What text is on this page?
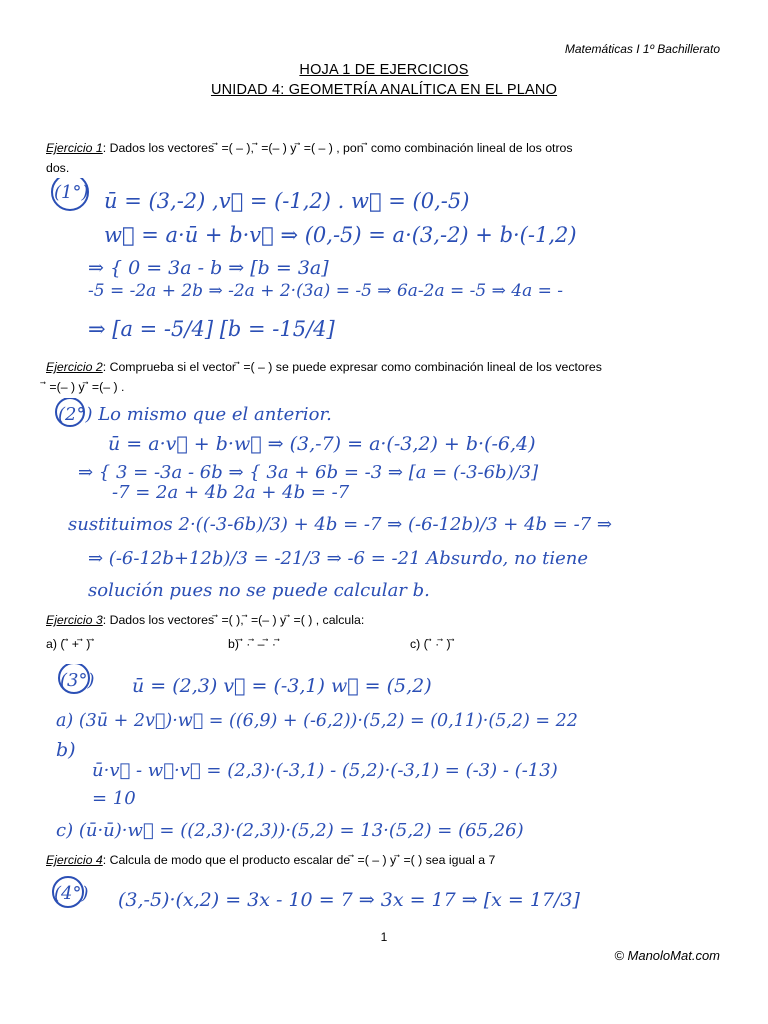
Matemáticas I 1º Bachillerato
HOJA 1 DE EJERCICIOS
UNIDAD 4: GEOMETRÍA ANALÍTICA EN EL PLANO
Ejercicio 1: Dados los vectores ⃗ =( – ), ⃗ =(– ) y ⃗ =( – ) , pon ⃗ como combinación lineal de los otros
dos.
(1°) ū = (3,-2) ,v⃗ = (-1,2) . w⃗ = (0,-5)
w⃗ = a·ū + b·v⃗ ⇒ (0,-5) = a·(3,-2) + b·(-1,2)
⇒ { 0 = 3a - b ⇒ [b = 3a]
-5 = -2a + 2b ⇒ -2a + 2·(3a) = -5 ⇒ 6a-2a = -5 ⇒ 4a = -
⇒ [a = -5/4] [b = -15/4]
Ejercicio 2: Comprueba si el vector ⃗ =( – ) se puede expresar como combinación lineal de los vectores
⃗ =(– ) y ⃗ =(– ) .
(2°) Lo mismo que el anterior.
ū = a·v⃗ + b·w⃗ ⇒ (3,-7) = a·(-3,2) + b·(-6,4)
⇒ { 3 = -3a - 6b ⇒ { 3a + 6b = -3 ⇒ [a = (-3-6b)/3]
-7 = 2a + 4b 2a + 4b = -7
sustituimos 2·((-3-6b)/3) + 4b = -7 ⇒ (-6-12b)/3 + 4b = -7 ⇒
⇒ (-6-12b+12b)/3 = -21/3 ⇒ -6 = -21 Absurdo, no tiene
solución pues no se puede calcular b.
Ejercicio 3: Dados los vectores ⃗ =( ), ⃗ =(– ) y ⃗ =( ) , calcula:
a) ( ⃗ + ⃗ ) ⃗	b) ⃗ · ⃗ – ⃗ · ⃗	c) ( ⃗ · ⃗ ) ⃗
(3°) ū = (2,3) v⃗ = (-3,1) w⃗ = (5,2)
a) (3ū + 2v⃗)·w⃗ = ((6,9) + (-6,2))·(5,2) = (0,11)·(5,2) = 22
b)
ū·v⃗ - w⃗·v⃗ = (2,3)·(-3,1) - (5,2)·(-3,1) = (-3) - (-13)
= 10
c) (ū·ū)·w⃗ = ((2,3)·(2,3))·(5,2) = 13·(5,2) = (65,26)
Ejercicio 4: Calcula de modo que el producto escalar de ⃗ =( – ) y ⃗ =( ) sea igual a 7
(4°) (3,-5)·(x,2) = 3x - 10 = 7 ⇒ 3x = 17 ⇒ [x = 17/3]
1
© ManoloMat.com
